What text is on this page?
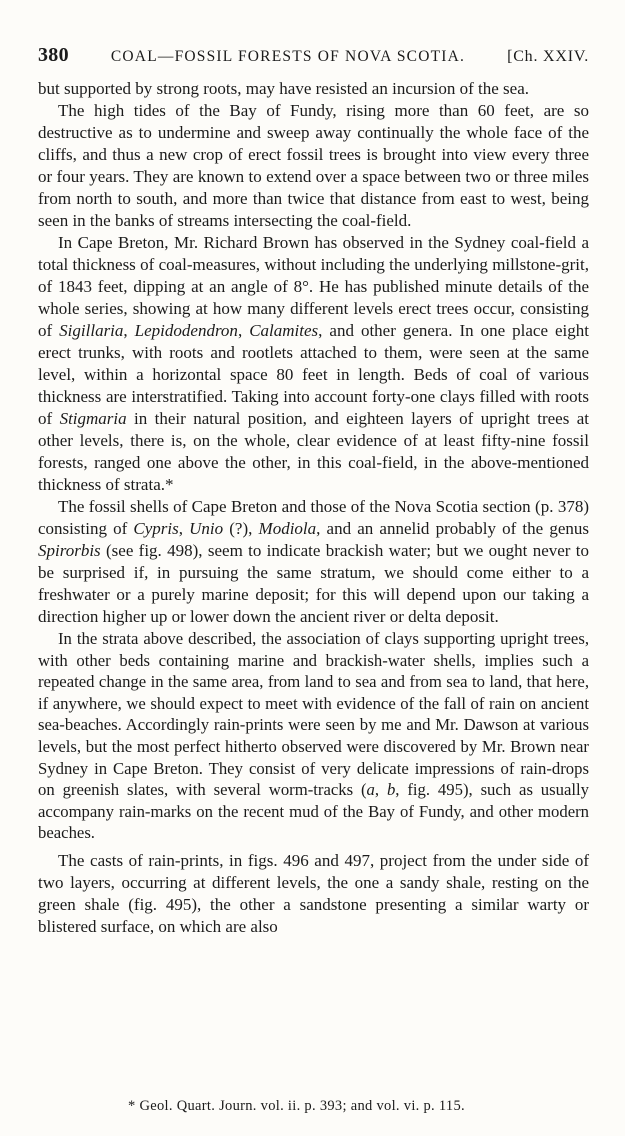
380	COAL—FOSSIL FORESTS OF NOVA SCOTIA.	[Ch. XXIV.

but supported by strong roots, may have resisted an incursion of the sea.

The high tides of the Bay of Fundy, rising more than 60 feet, are so destructive as to undermine and sweep away continually the whole face of the cliffs, and thus a new crop of erect fossil trees is brought into view every three or four years. They are known to extend over a space between two or three miles from north to south, and more than twice that distance from east to west, being seen in the banks of streams intersecting the coal-field.

In Cape Breton, Mr. Richard Brown has observed in the Sydney coal-field a total thickness of coal-measures, without including the underlying millstone-grit, of 1843 feet, dipping at an angle of 8°. He has published minute details of the whole series, showing at how many different levels erect trees occur, consisting of Sigillaria, Lepidodendron, Calamites, and other genera. In one place eight erect trunks, with roots and rootlets attached to them, were seen at the same level, within a horizontal space 80 feet in length. Beds of coal of various thickness are interstratified. Taking into account forty-one clays filled with roots of Stigmaria in their natural position, and eighteen layers of upright trees at other levels, there is, on the whole, clear evidence of at least fifty-nine fossil forests, ranged one above the other, in this coal-field, in the above-mentioned thickness of strata.*

The fossil shells of Cape Breton and those of the Nova Scotia section (p. 378) consisting of Cypris, Unio (?), Modiola, and an annelid probably of the genus Spirorbis (see fig. 498), seem to indicate brackish water; but we ought never to be surprised if, in pursuing the same stratum, we should come either to a freshwater or a purely marine deposit; for this will depend upon our taking a direction higher up or lower down the ancient river or delta deposit.

In the strata above described, the association of clays supporting upright trees, with other beds containing marine and brackish-water shells, implies such a repeated change in the same area, from land to sea and from sea to land, that here, if anywhere, we should expect to meet with evidence of the fall of rain on ancient sea-beaches. Accordingly rain-prints were seen by me and Mr. Dawson at various levels, but the most perfect hitherto observed were discovered by Mr. Brown near Sydney in Cape Breton. They consist of very delicate impressions of rain-drops on greenish slates, with several worm-tracks (a, b, fig. 495), such as usually accompany rain-marks on the recent mud of the Bay of Fundy, and other modern beaches.

The casts of rain-prints, in figs. 496 and 497, project from the under side of two layers, occurring at different levels, the one a sandy shale, resting on the green shale (fig. 495), the other a sandstone presenting a similar warty or blistered surface, on which are also

* Geol. Quart. Journ. vol. ii. p. 393; and vol. vi. p. 115.
